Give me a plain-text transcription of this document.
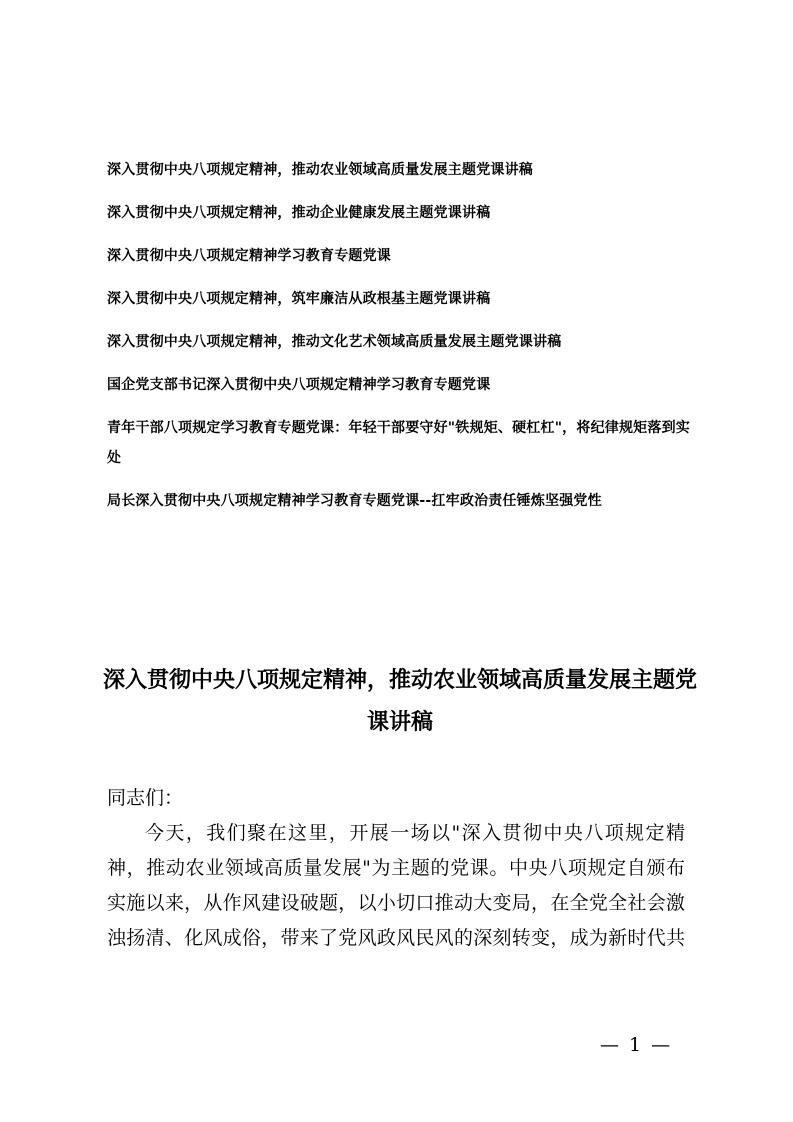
深入贯彻中央八项规定精神，推动农业领域高质量发展主题党课讲稿
深入贯彻中央八项规定精神，推动企业健康发展主题党课讲稿
深入贯彻中央八项规定精神学习教育专题党课
深入贯彻中央八项规定精神，筑牢廉洁从政根基主题党课讲稿
深入贯彻中央八项规定精神，推动文化艺术领域高质量发展主题党课讲稿
国企党支部书记深入贯彻中央八项规定精神学习教育专题党课
青年干部八项规定学习教育专题党课：年轻干部要守好"铁规矩、硬杠杠"，将纪律规矩落到实处
局长深入贯彻中央八项规定精神学习教育专题党课--扛牢政治责任锤炼坚强党性
深入贯彻中央八项规定精神，推动农业领域高质量发展主题党课讲稿

同志们：

今天，我们聚在这里，开展一场以"深入贯彻中央八项规定精神，推动农业领域高质量发展"为主题的党课。中央八项规定自颁布实施以来，从作风建设破题，以小切口推动大变局，在全党全社会激浊扬清、化风成俗，带来了党风政风民风的深刻转变，成为新时代共

— 1 —
